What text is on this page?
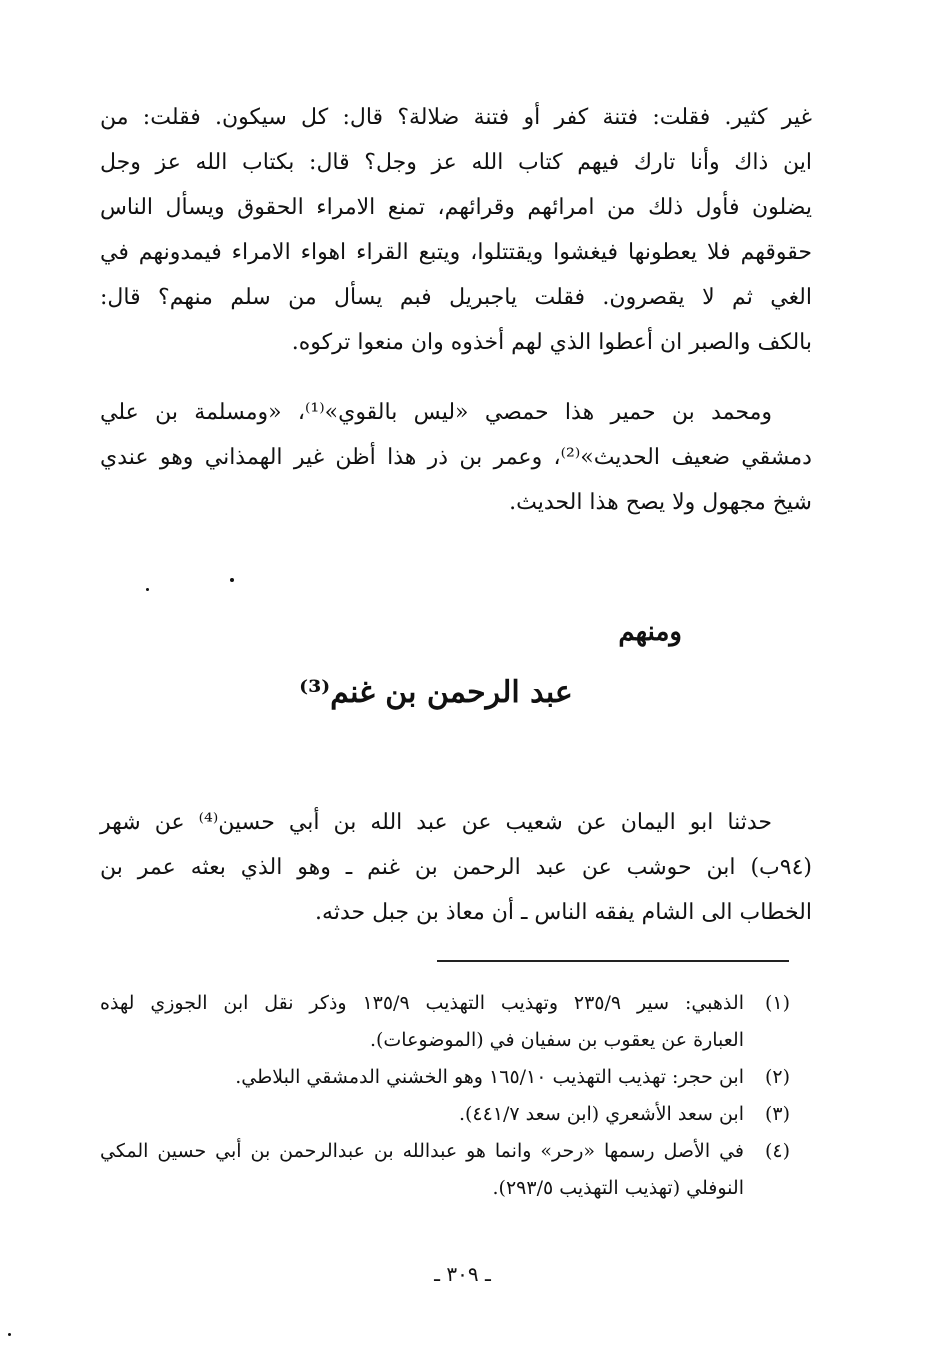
غير كثير. فقلت: فتنة كفر أو فتنة ضلالة؟ قال: كل سيكون. فقلت: من
اين ذاك وأنا تارك فيهم كتاب الله عز وجل؟ قال: بكتاب الله عز وجل
يضلون فأول ذلك من امرائهم وقرائهم، تمنع الامراء الحقوق ويسأل الناس
حقوقهم فلا يعطونها فيغشوا ويقتتلوا، ويتبع القراء اهواء الامراء فيمدونهم في
الغي ثم لا يقصرون. فقلت ياجبريل فبم يسأل من سلم منهم؟ قال:
بالكف والصبر ان أعطوا الذي لهم أخذوه وان منعوا تركوه.

ومحمد بن حمير هذا حمصي «ليس بالقوي»⁽¹⁾، «ومسلمة بن علي
دمشقي ضعيف الحديث»⁽²⁾، وعمر بن ذر هذا أظن غير الهمذاني وهو عندي
شيخ مجهول ولا يصح هذا الحديث.

ومنهم
عبد الرحمن بن غنم⁽³⁾

حدثنا ابو اليمان عن شعيب عن عبد الله بن أبي حسين⁽⁴⁾ عن شهر
(٩٤ب) ابن حوشب عن عبد الرحمن بن غنم ـ وهو الذي بعثه عمر بن
الخطاب الى الشام يفقه الناس ـ أن معاذ بن جبل حدثه.

(١)
الذهبي: سير ٢٣٥/٩ وتهذيب التهذيب ١٣٥/٩ وذكر نقل ابن الجوزي لهذه
العبارة عن يعقوب بن سفيان في (الموضوعات).
(٢)
ابن حجر: تهذيب التهذيب ١٦٥/١٠ وهو الخشني الدمشقي البلاطي.
(٣)
ابن سعد الأشعري (ابن سعد ٤٤١/٧).
(٤)
في الأصل رسمها «رحر» وانما هو عبدالله بن عبدالرحمن بن أبي حسين المكي
النوفلي (تهذيب التهذيب ٢٩٣/٥).
ـ ٣٠٩ ـ
